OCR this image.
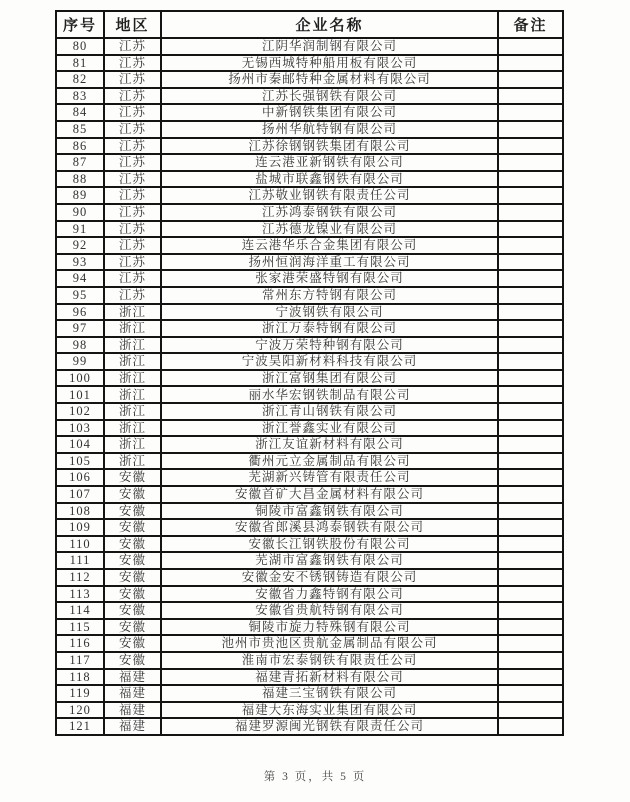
序号	地区	企业名称	备注
80	江苏	江阴华润制钢有限公司	
81	江苏	无锡西城特种船用板有限公司	
82	江苏	扬州市秦邮特种金属材料有限公司	
83	江苏	江苏长强钢铁有限公司	
84	江苏	中新钢铁集团有限公司	
85	江苏	扬州华航特钢有限公司	
86	江苏	江苏徐钢钢铁集团有限公司	
87	江苏	连云港亚新钢铁有限公司	
88	江苏	盐城市联鑫钢铁有限公司	
89	江苏	江苏敬业钢铁有限责任公司	
90	江苏	江苏鸿泰钢铁有限公司	
91	江苏	江苏德龙镍业有限公司	
92	江苏	连云港华乐合金集团有限公司	
93	江苏	扬州恒润海洋重工有限公司	
94	江苏	张家港荣盛特钢有限公司	
95	江苏	常州东方特钢有限公司	
96	浙江	宁波钢铁有限公司	
97	浙江	浙江万泰特钢有限公司	
98	浙江	宁波万荣特种钢有限公司	
99	浙江	宁波昊阳新材料科技有限公司	
100	浙江	浙江富钢集团有限公司	
101	浙江	丽水华宏钢铁制品有限公司	
102	浙江	浙江青山钢铁有限公司	
103	浙江	浙江誉鑫实业有限公司	
104	浙江	浙江友谊新材料有限公司	
105	浙江	衢州元立金属制品有限公司	
106	安徽	芜湖新兴铸管有限责任公司	
107	安徽	安徽首矿大昌金属材料有限公司	
108	安徽	铜陵市富鑫钢铁有限公司	
109	安徽	安徽省郎溪县鸿泰钢铁有限公司	
110	安徽	安徽长江钢铁股份有限公司	
111	安徽	芜湖市富鑫钢铁有限公司	
112	安徽	安徽金安不锈钢铸造有限公司	
113	安徽	安徽省力鑫特钢有限公司	
114	安徽	安徽省贵航特钢有限公司	
115	安徽	铜陵市旋力特殊钢有限公司	
116	安徽	池州市贵池区贵航金属制品有限公司	
117	安徽	淮南市宏泰钢铁有限责任公司	
118	福建	福建青拓新材料有限公司	
119	福建	福建三宝钢铁有限公司	
120	福建	福建大东海实业集团有限公司	
121	福建	福建罗源闽光钢铁有限责任公司	
第 3 页，共 5 页
